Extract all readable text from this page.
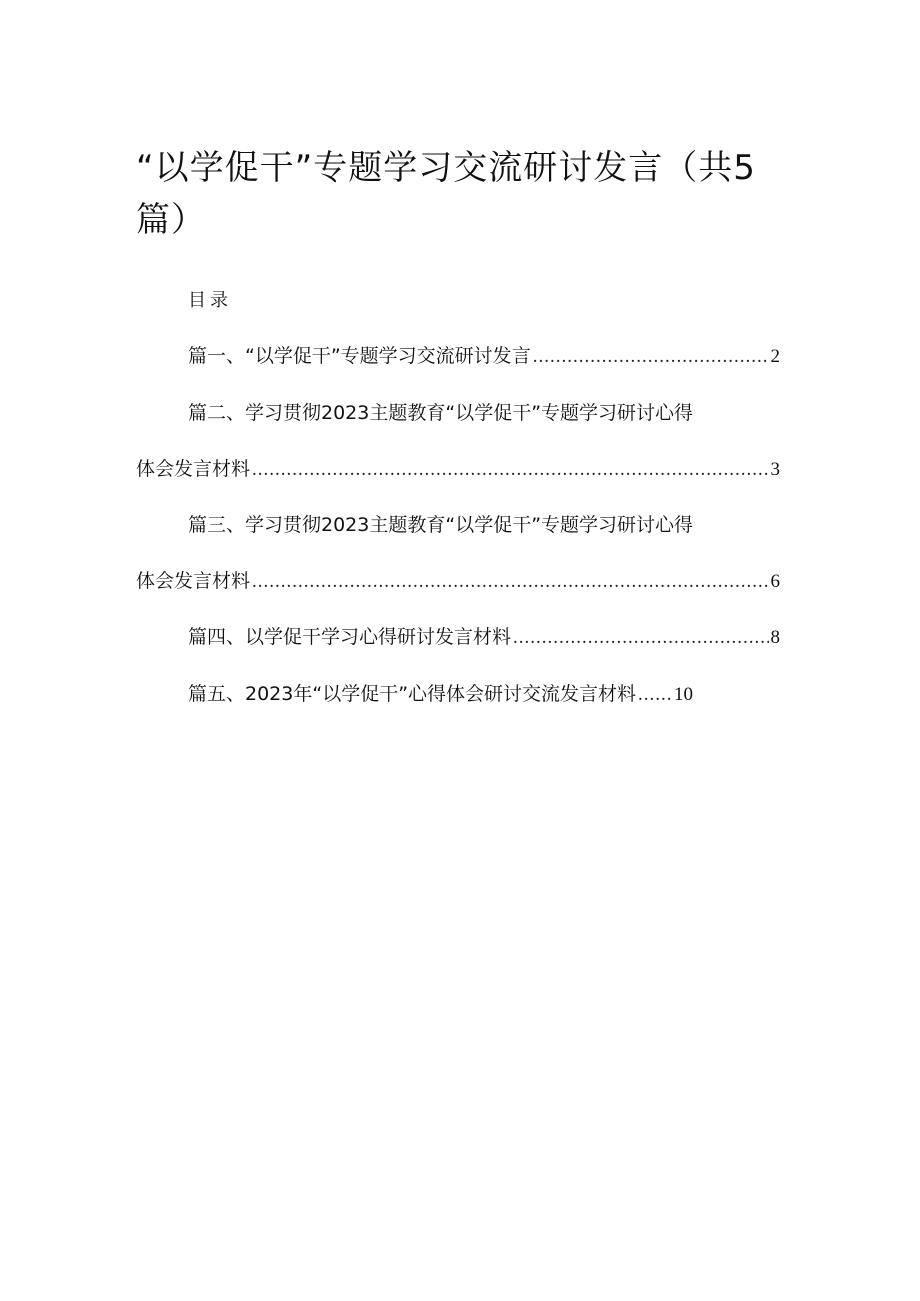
“以学促干”专题学习交流研讨发言（共5篇）
目录
篇一、“以学促干”专题学习交流研讨发言 .....	2
篇二、学习贯彻2023主题教育“以学促干”专题学习研讨心得
体会发言材料 .....	3
篇三、学习贯彻2023主题教育“以学促干”专题学习研讨心得
体会发言材料 .....	6
篇四、以学促干学习心得研讨发言材料 .....	8
篇五、2023年“以学促干”心得体会研讨交流发言材料 ..... 10
